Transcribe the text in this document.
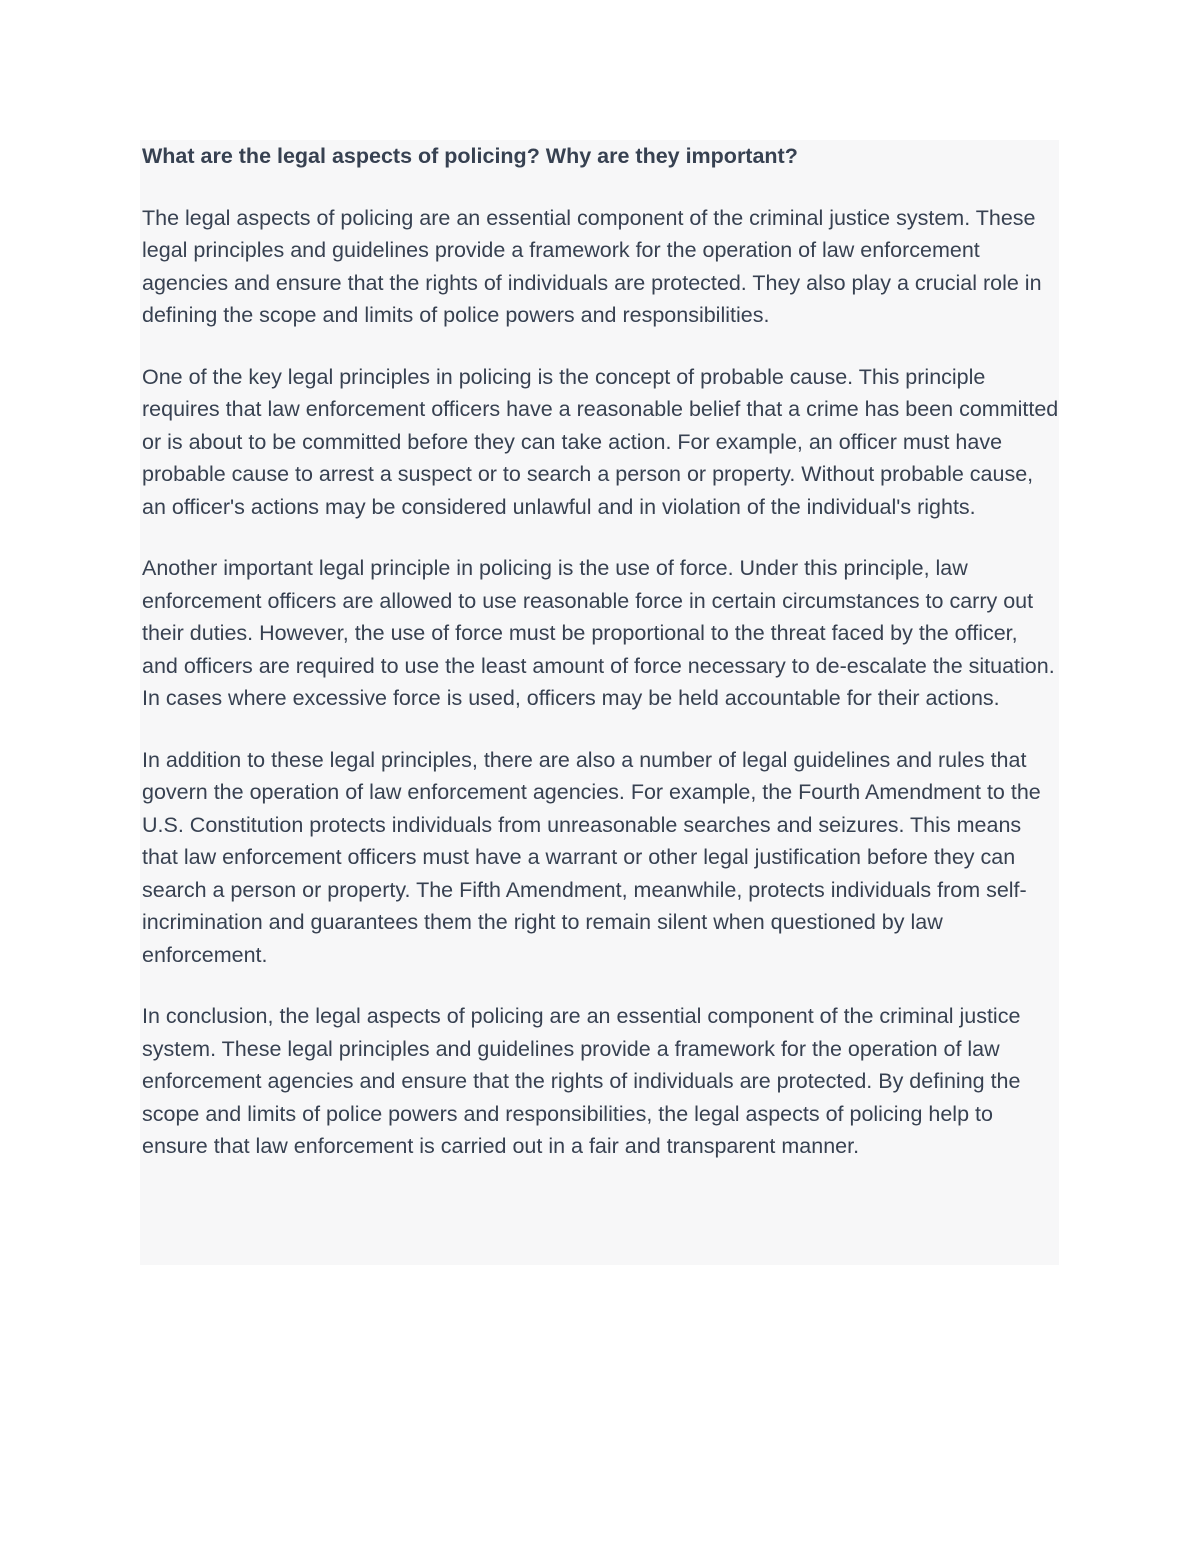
What are the legal aspects of policing? Why are they important?

The legal aspects of policing are an essential component of the criminal justice system. These legal principles and guidelines provide a framework for the operation of law enforcement agencies and ensure that the rights of individuals are protected. They also play a crucial role in defining the scope and limits of police powers and responsibilities.

One of the key legal principles in policing is the concept of probable cause. This principle requires that law enforcement officers have a reasonable belief that a crime has been committed or is about to be committed before they can take action. For example, an officer must have probable cause to arrest a suspect or to search a person or property. Without probable cause, an officer's actions may be considered unlawful and in violation of the individual's rights.

Another important legal principle in policing is the use of force. Under this principle, law enforcement officers are allowed to use reasonable force in certain circumstances to carry out their duties. However, the use of force must be proportional to the threat faced by the officer, and officers are required to use the least amount of force necessary to de-escalate the situation. In cases where excessive force is used, officers may be held accountable for their actions.

In addition to these legal principles, there are also a number of legal guidelines and rules that govern the operation of law enforcement agencies. For example, the Fourth Amendment to the U.S. Constitution protects individuals from unreasonable searches and seizures. This means that law enforcement officers must have a warrant or other legal justification before they can search a person or property. The Fifth Amendment, meanwhile, protects individuals from self-incrimination and guarantees them the right to remain silent when questioned by law enforcement.

In conclusion, the legal aspects of policing are an essential component of the criminal justice system. These legal principles and guidelines provide a framework for the operation of law enforcement agencies and ensure that the rights of individuals are protected. By defining the scope and limits of police powers and responsibilities, the legal aspects of policing help to ensure that law enforcement is carried out in a fair and transparent manner.
